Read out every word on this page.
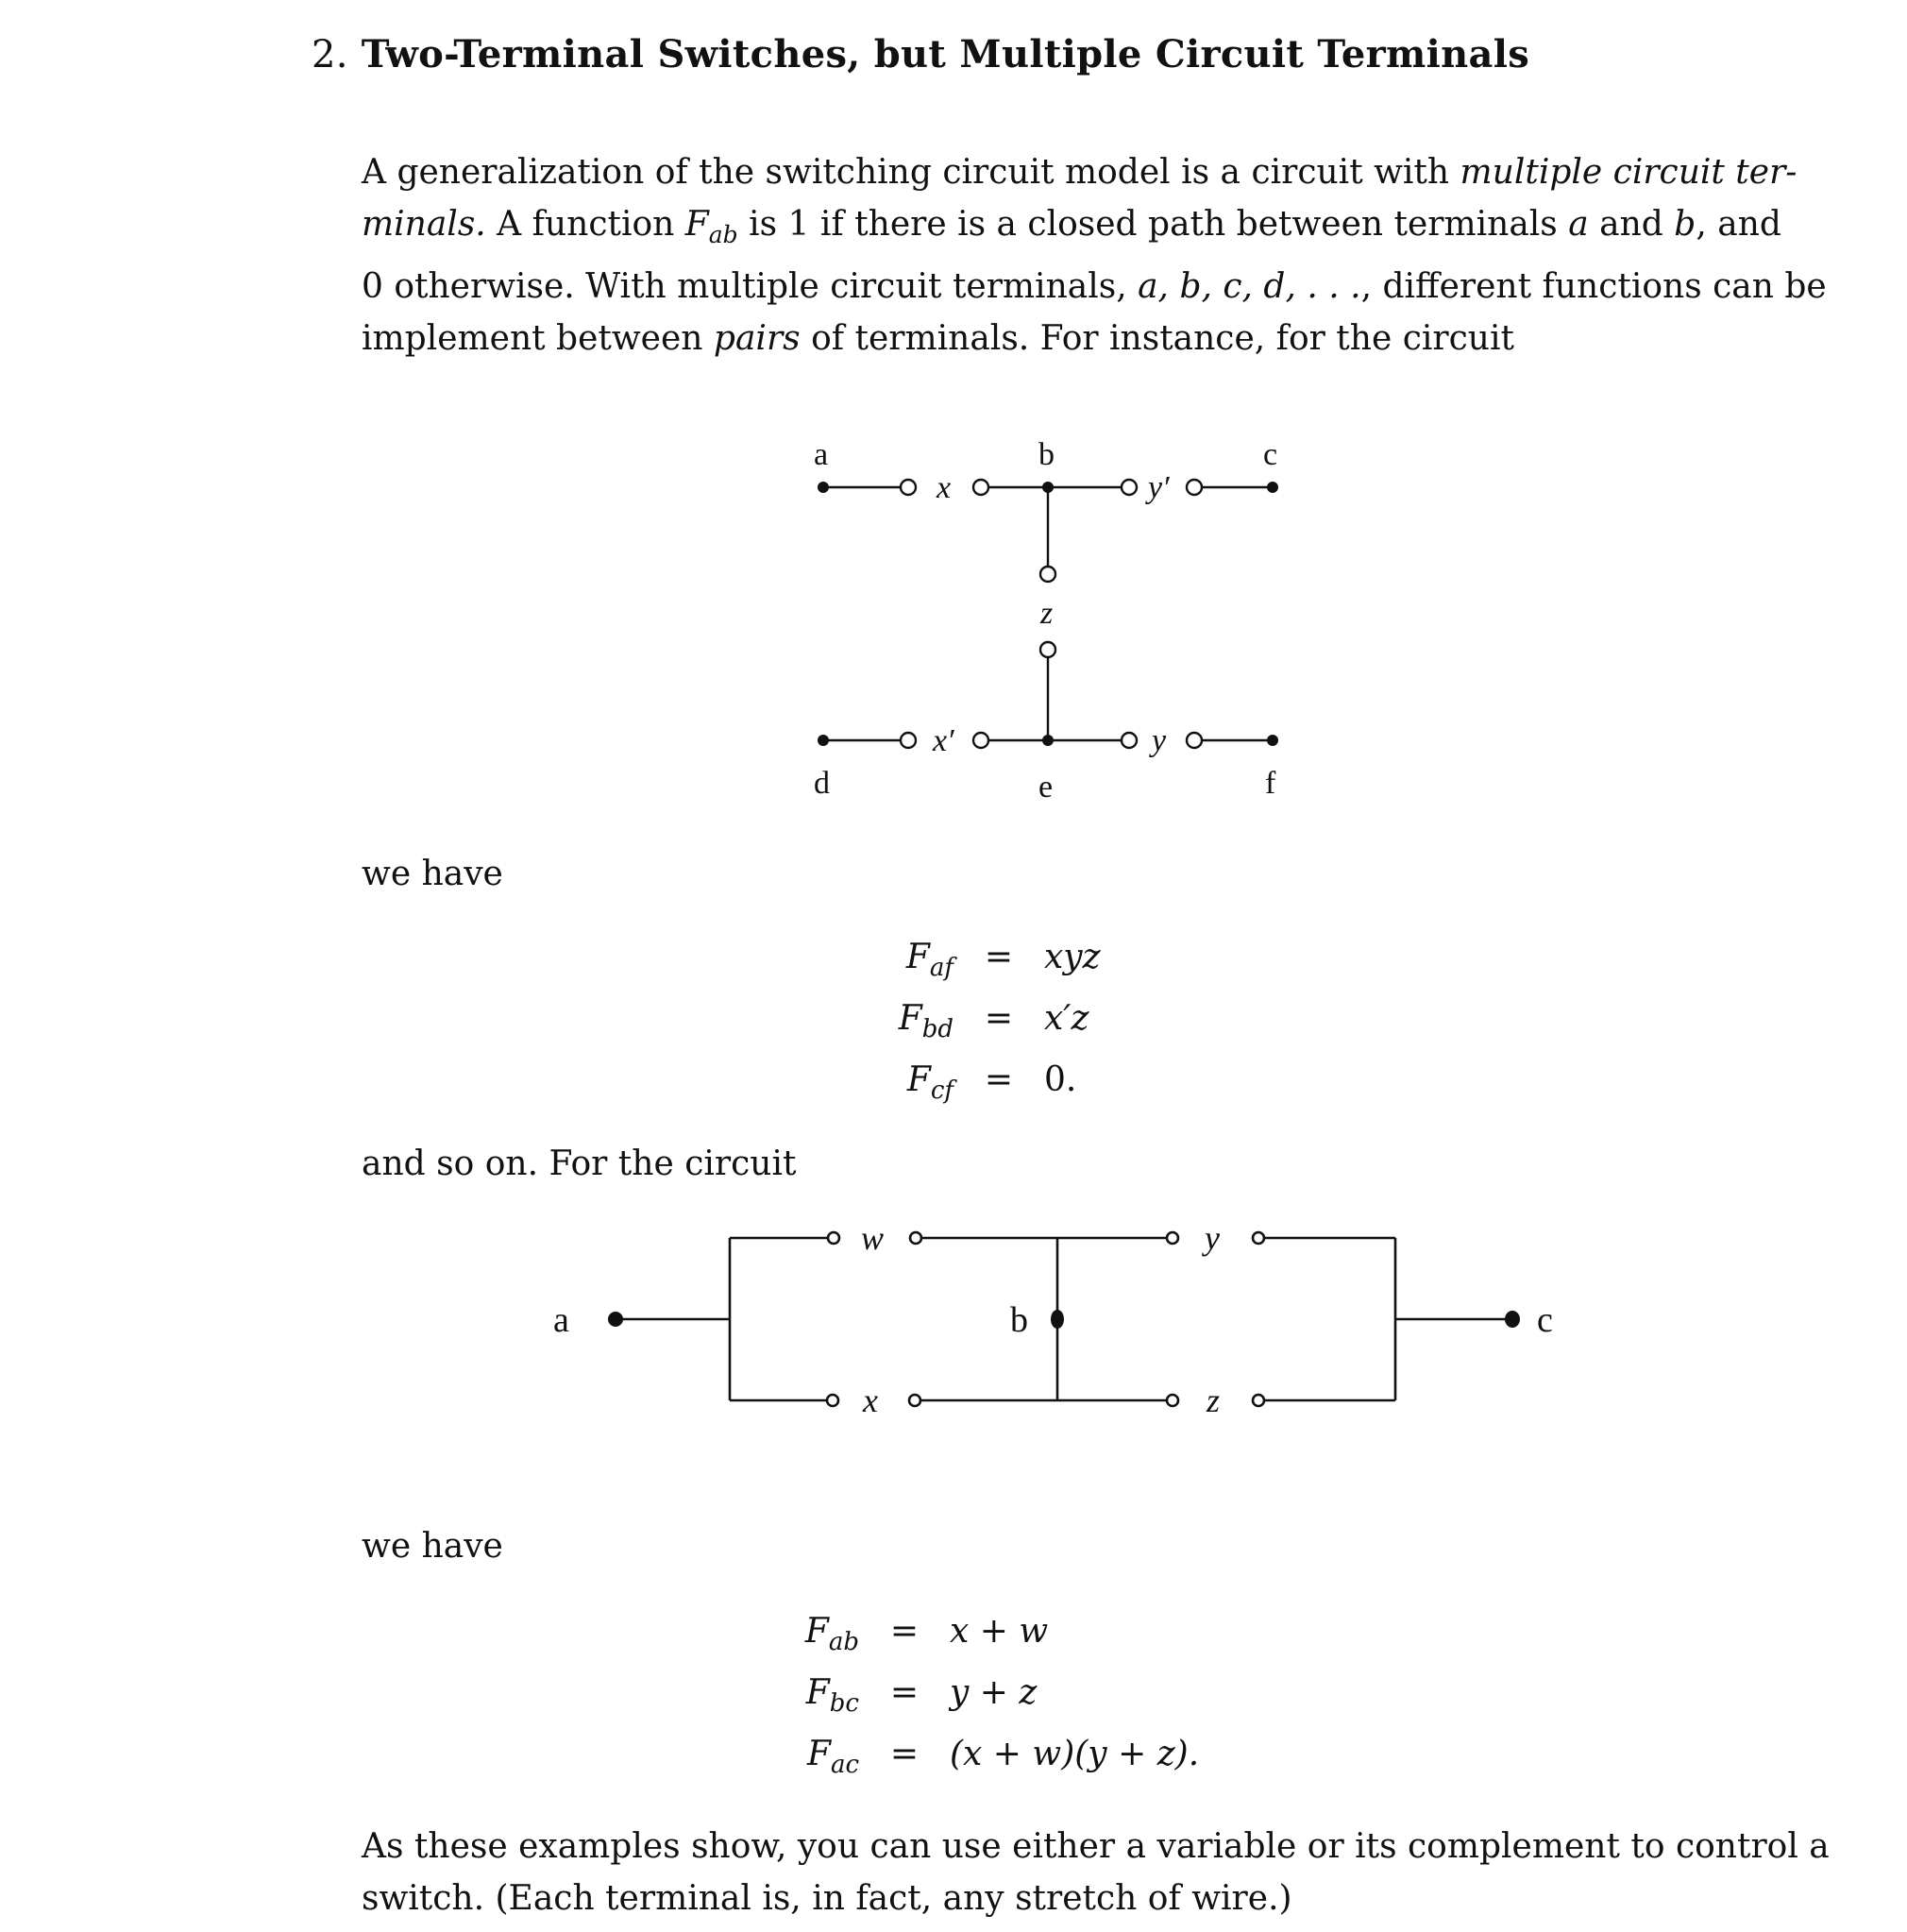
2. Two-Terminal Switches, but Multiple Circuit Terminals
A generalization of the switching circuit model is a circuit with multiple circuit ter-
minals. A function $F_{ab}$ is 1 if there is a closed path between terminals a and b, and
0 otherwise. With multiple circuit terminals, a, b, c, d, . . ., different functions can be
implement between pairs of terminals. For instance, for the circuit
a	b	c
d	e	f
x	y′
z
x′	y
we have
$F_{af}$ = xyz
$F_{bd} = x'z$
$F_{cf} = 0$.
and so on. For the circuit
a	b	c
w
x
y
z
we have
$F_{ab} = x + w$
$F_{bc} = y + z$
$F_{ac} = (x + w)(y + z)$.
As these examples show, you can use either a variable or its complement to control a
switch. (Each terminal is, in fact, any stretch of wire.)
